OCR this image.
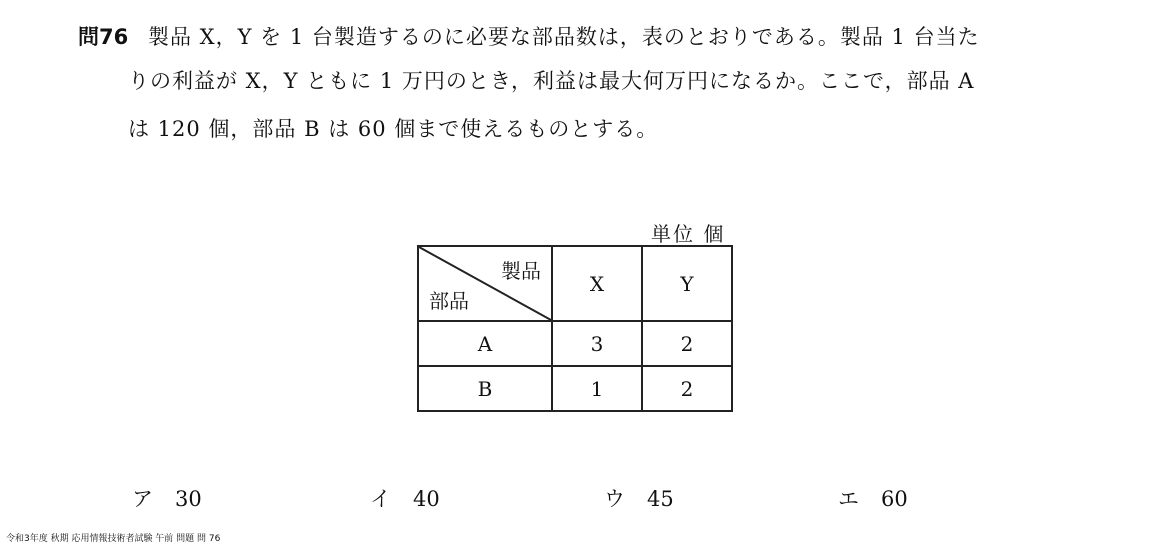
問76 製品 X，Y を 1 台製造するのに必要な部品数は，表のとおりである。製品 1 台当た
りの利益が X，Y ともに 1 万円のとき，利益は最大何万円になるか。ここで，部品 A
は 120 個，部品 B は 60 個まで使えるものとする。
単位 個
製品
部品	X	Y
A	3	2
B	1	2
ア 30	イ 40	ウ 45	エ 60
令和3年度 秋期 応用情報技術者試験 午前 問題 問 76
